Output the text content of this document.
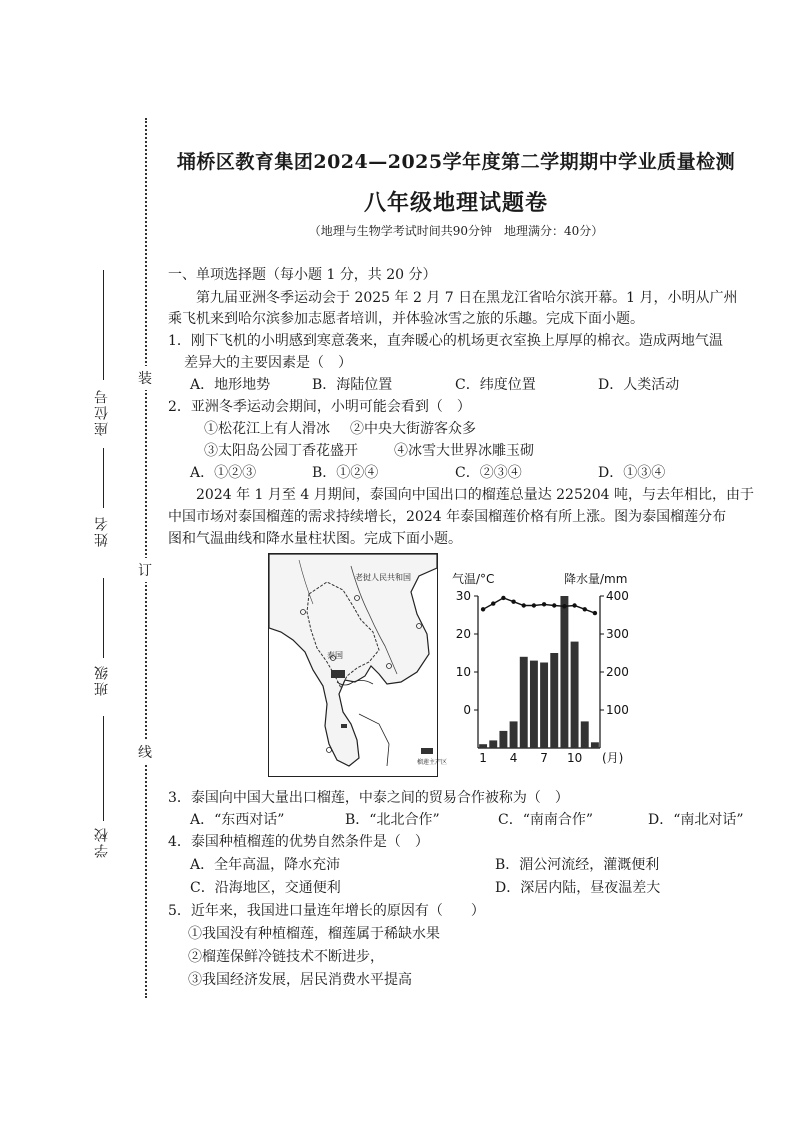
座位号
姓名
班级
学校
装
订
线
埇桥区教育集团2024—2025学年度第二学期期中学业质量检测
八年级地理试题卷
（地理与生物学考试时间共90分钟　地理满分：40分）
一、单项选择题（每小题 1 分，共 20 分）
第九届亚洲冬季运动会于 2025 年 2 月 7 日在黑龙江省哈尔滨开幕。1 月，小明从广州
乘飞机来到哈尔滨参加志愿者培训，并体验冰雪之旅的乐趣。完成下面小题。
1．刚下飞机的小明感到寒意袭来，直奔暖心的机场更衣室换上厚厚的棉衣。造成两地气温
差异大的主要因素是（　）
A．地形地势	B．海陆位置	C．纬度位置	D．人类活动
2．亚洲冬季运动会期间，小明可能会看到（　）
①松花江上有人滑冰 ②中央大街游客众多
③太阳岛公园丁香花盛开	④冰雪大世界冰雕玉砌
A．①②③	B．①②④	C．②③④	D．①③④
2024 年 1 月至 4 月期间，泰国向中国出口的榴莲总量达 225204 吨，与去年相比，由于
中国市场对泰国榴莲的需求持续增长，2024 年泰国榴莲价格有所上涨。图为泰国榴莲分布
图和气温曲线和降水量柱状图。完成下面小题。
老挝人民共和国
泰国
榴莲主产区
气温/°C	降水量/mm
30
20
10
0
400
300
200
100
1 4 7 10 (月)
3．泰国向中国大量出口榴莲，中泰之间的贸易合作被称为（　）
A．“东西对话”	B．“北北合作”	C．“南南合作”	D．“南北对话”
4．泰国种植榴莲的优势自然条件是（　）
A．全年高温，降水充沛	B．湄公河流经，灌溉便利
C．沿海地区，交通便利	D．深居内陆，昼夜温差大
5．近年来，我国进口量连年增长的原因有（　　）
①我国没有种植榴莲，榴莲属于稀缺水果
②榴莲保鲜冷链技术不断进步，
③我国经济发展，居民消费水平提高
